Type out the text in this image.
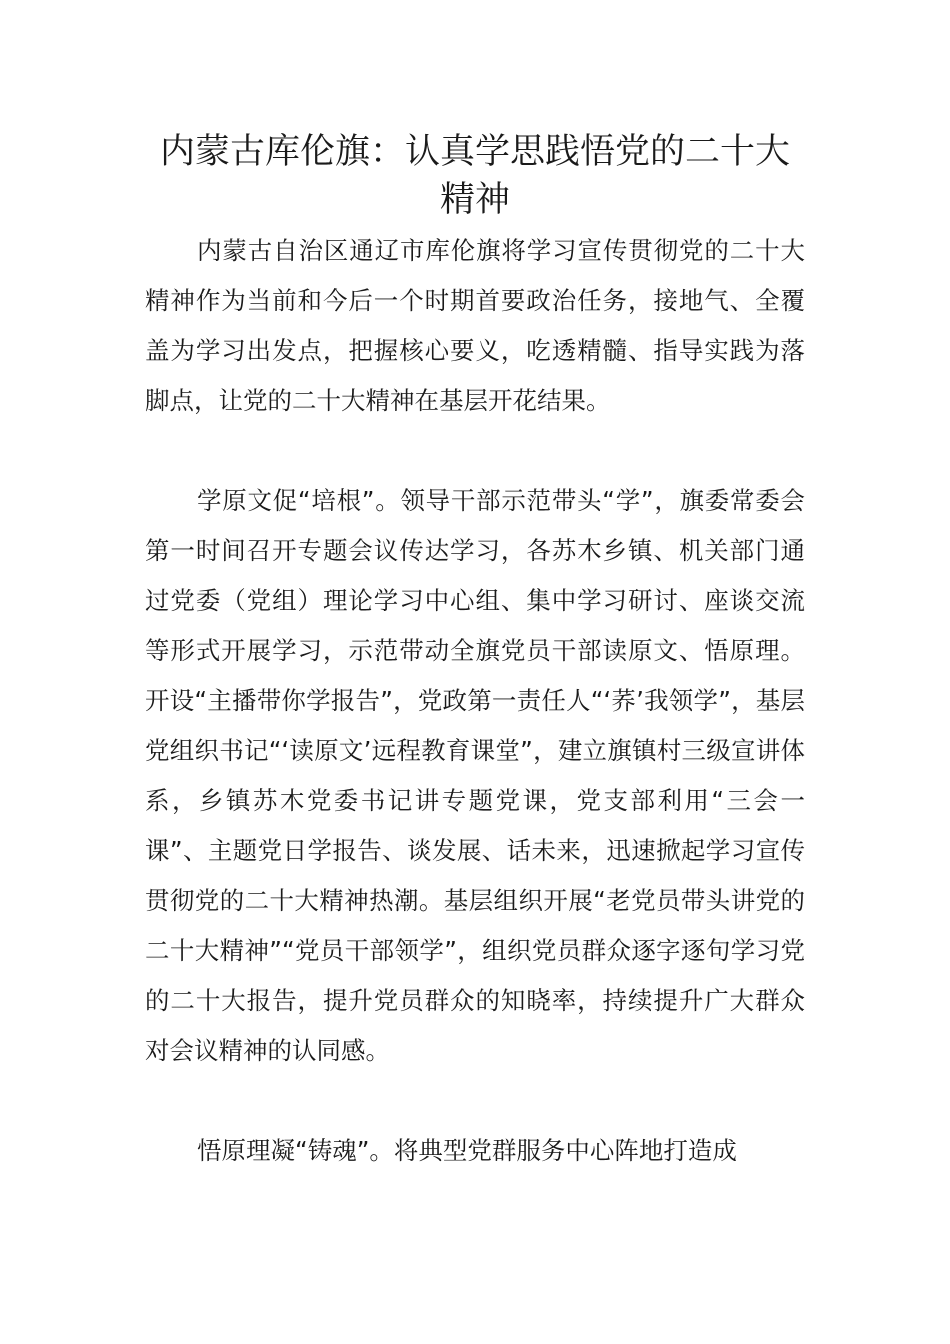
内蒙古库伦旗：认真学思践悟党的二十大精神

内蒙古自治区通辽市库伦旗将学习宣传贯彻党的二十大精神作为当前和今后一个时期首要政治任务，接地气、全覆盖为学习出发点，把握核心要义，吃透精髓、指导实践为落脚点，让党的二十大精神在基层开花结果。

学原文促“培根”。领导干部示范带头“学”，旗委常委会第一时间召开专题会议传达学习，各苏木乡镇、机关部门通过党委（党组）理论学习中心组、集中学习研讨、座谈交流等形式开展学习，示范带动全旗党员干部读原文、悟原理。开设“主播带你学报告”，党政第一责任人“‘荞’我领学”，基层党组织书记“‘读原文’远程教育课堂”，建立旗镇村三级宣讲体系，乡镇苏木党委书记讲专题党课，党支部利用“三会一课”、主题党日学报告、谈发展、话未来，迅速掀起学习宣传贯彻党的二十大精神热潮。基层组织开展“老党员带头讲党的二十大精神”“党员干部领学”，组织党员群众逐字逐句学习党的二十大报告，提升党员群众的知晓率，持续提升广大群众对会议精神的认同感。

悟原理凝“铸魂”。将典型党群服务中心阵地打造成
